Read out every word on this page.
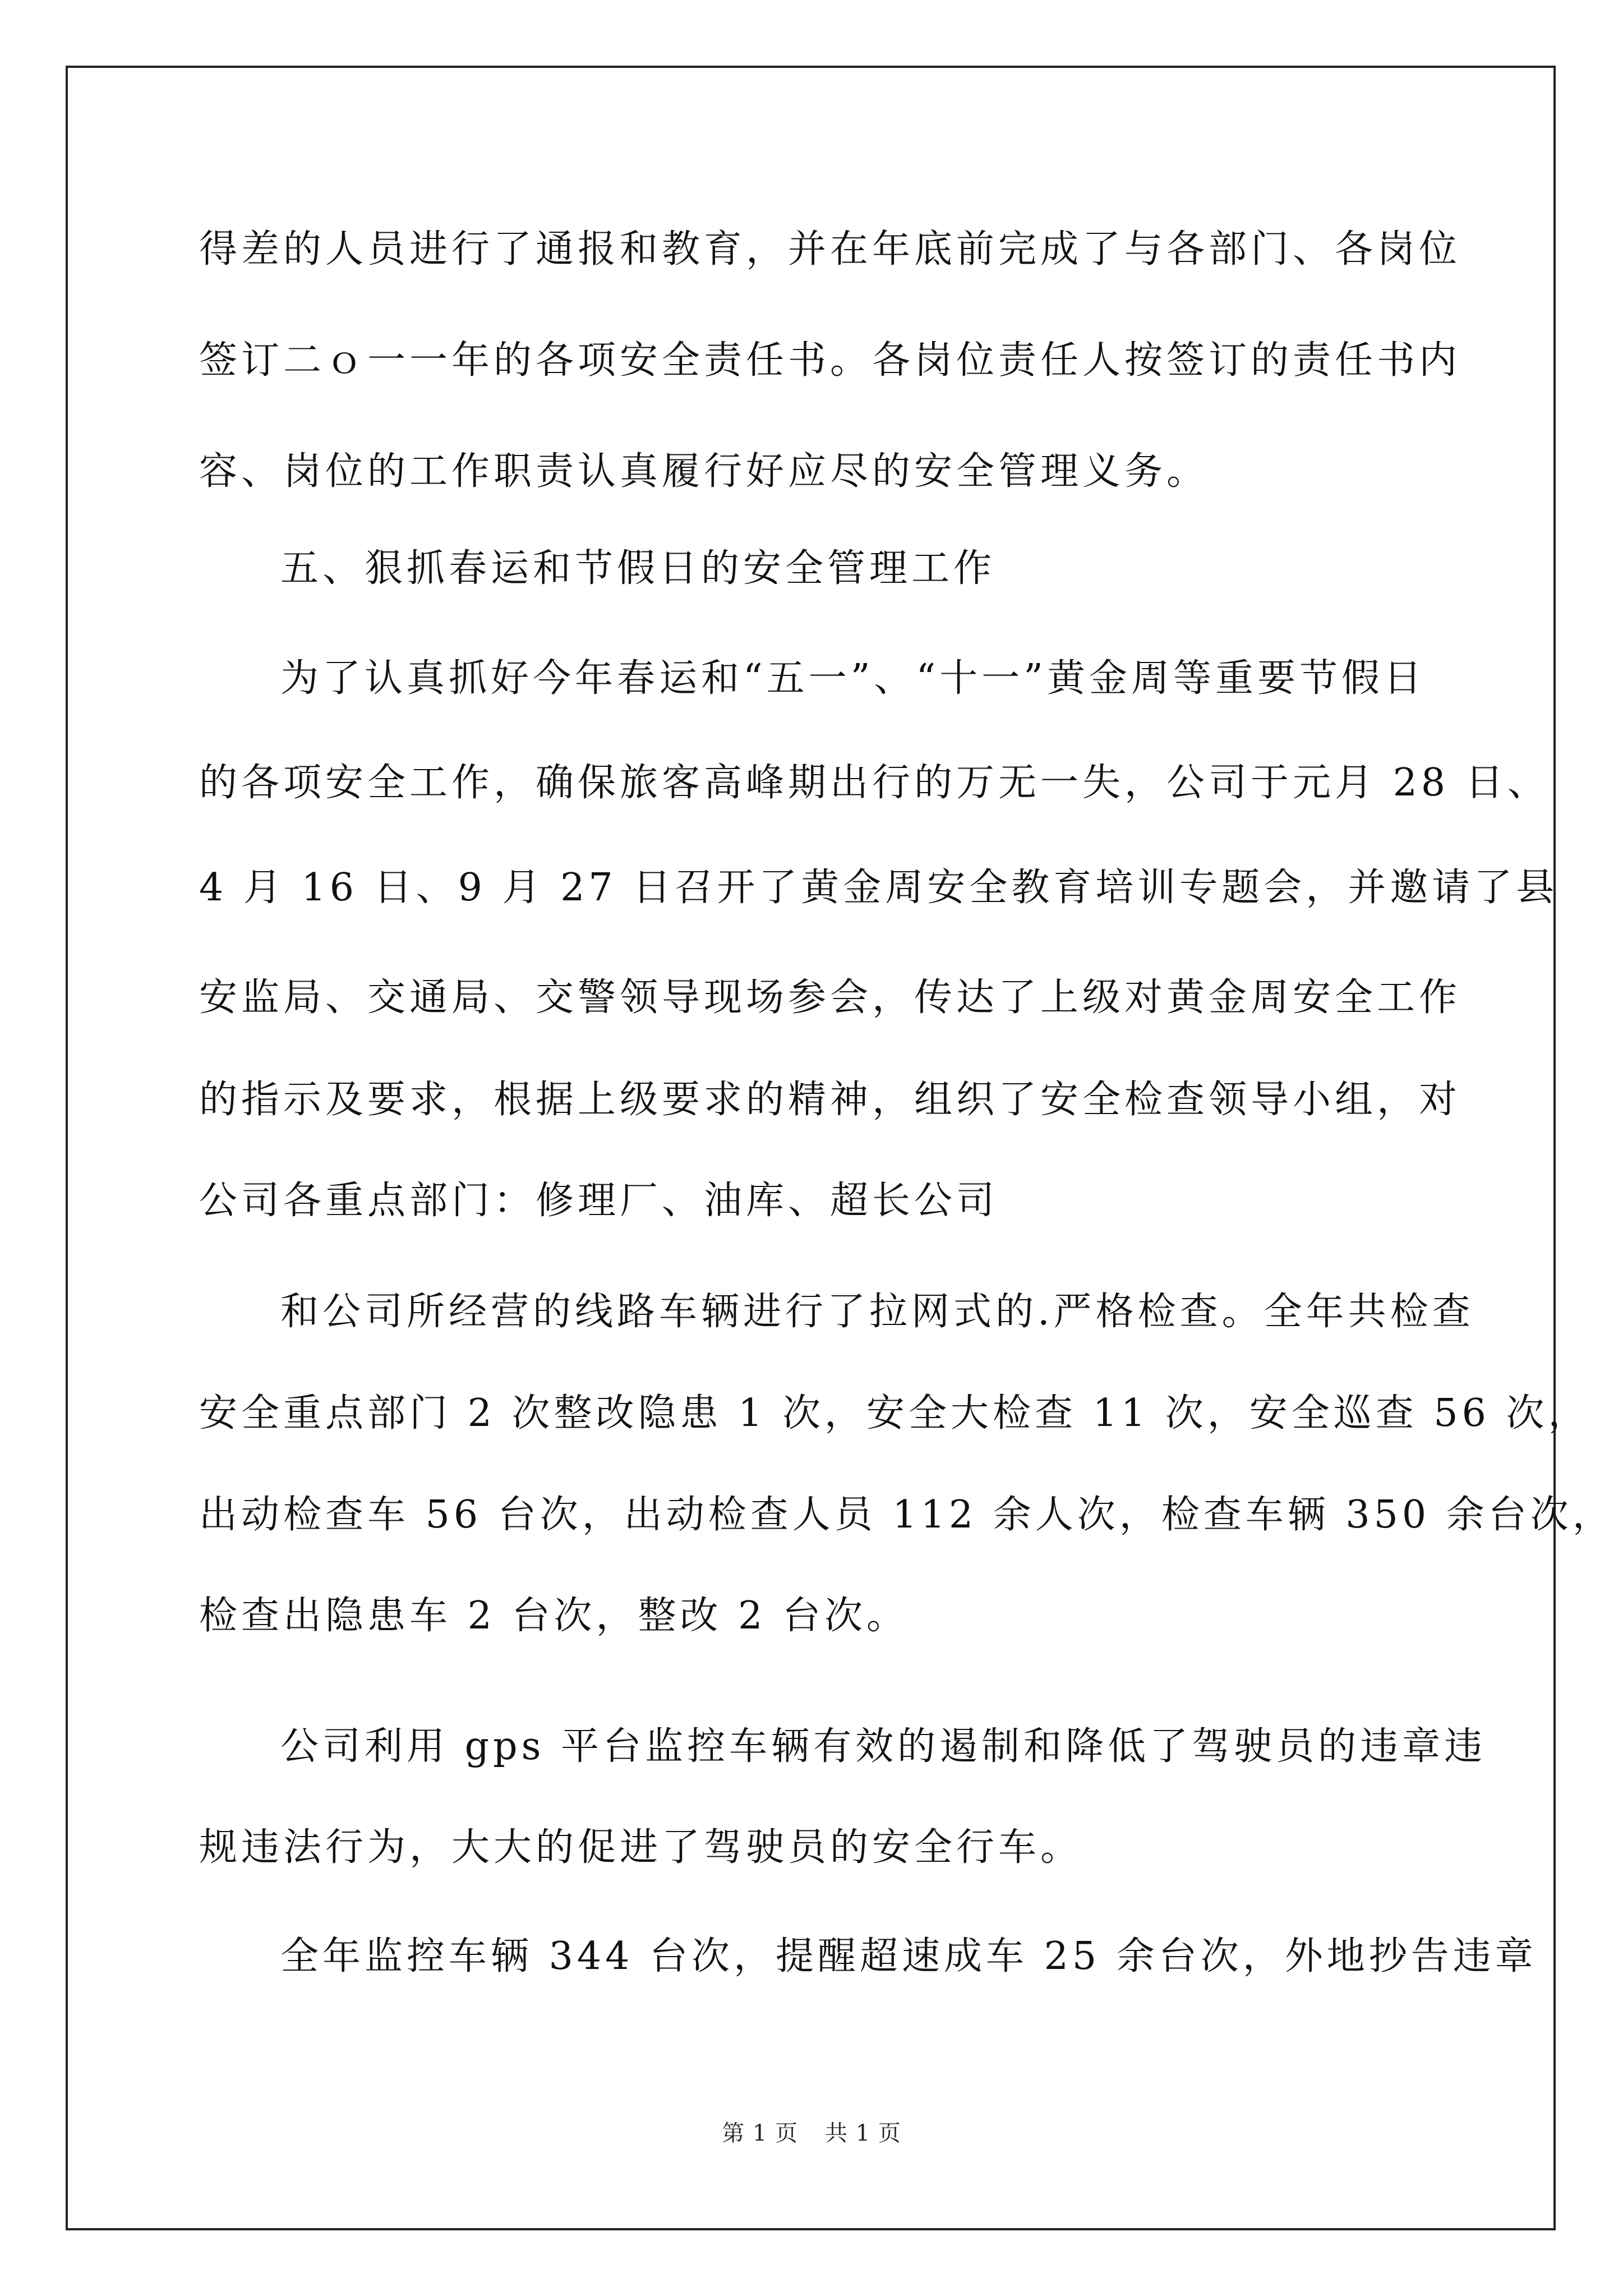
得差的人员进行了通报和教育，并在年底前完成了与各部门、各岗位

签订二ｏ一一年的各项安全责任书。各岗位责任人按签订的责任书内

容、岗位的工作职责认真履行好应尽的安全管理义务。

五、狠抓春运和节假日的安全管理工作

为了认真抓好今年春运和“五一”、“十一”黄金周等重要节假日

的各项安全工作，确保旅客高峰期出行的万无一失，公司于元月 28 日、

4 月 16 日、9 月 27 日召开了黄金周安全教育培训专题会，并邀请了县

安监局、交通局、交警领导现场参会，传达了上级对黄金周安全工作

的指示及要求，根据上级要求的精神，组织了安全检查领导小组，对

公司各重点部门：修理厂、油库、超长公司

和公司所经营的线路车辆进行了拉网式的.严格检查。全年共检查

安全重点部门 2 次整改隐患 1 次，安全大检查 11 次，安全巡查 56 次，

出动检查车 56 台次，出动检查人员 112 余人次，检查车辆 350 余台次，

检查出隐患车 2 台次，整改 2 台次。

公司利用 gps 平台监控车辆有效的遏制和降低了驾驶员的违章违

规违法行为，大大的促进了驾驶员的安全行车。

全年监控车辆 344 台次，提醒超速成车 25 余台次，外地抄告违章

第 1 页 共 1 页
